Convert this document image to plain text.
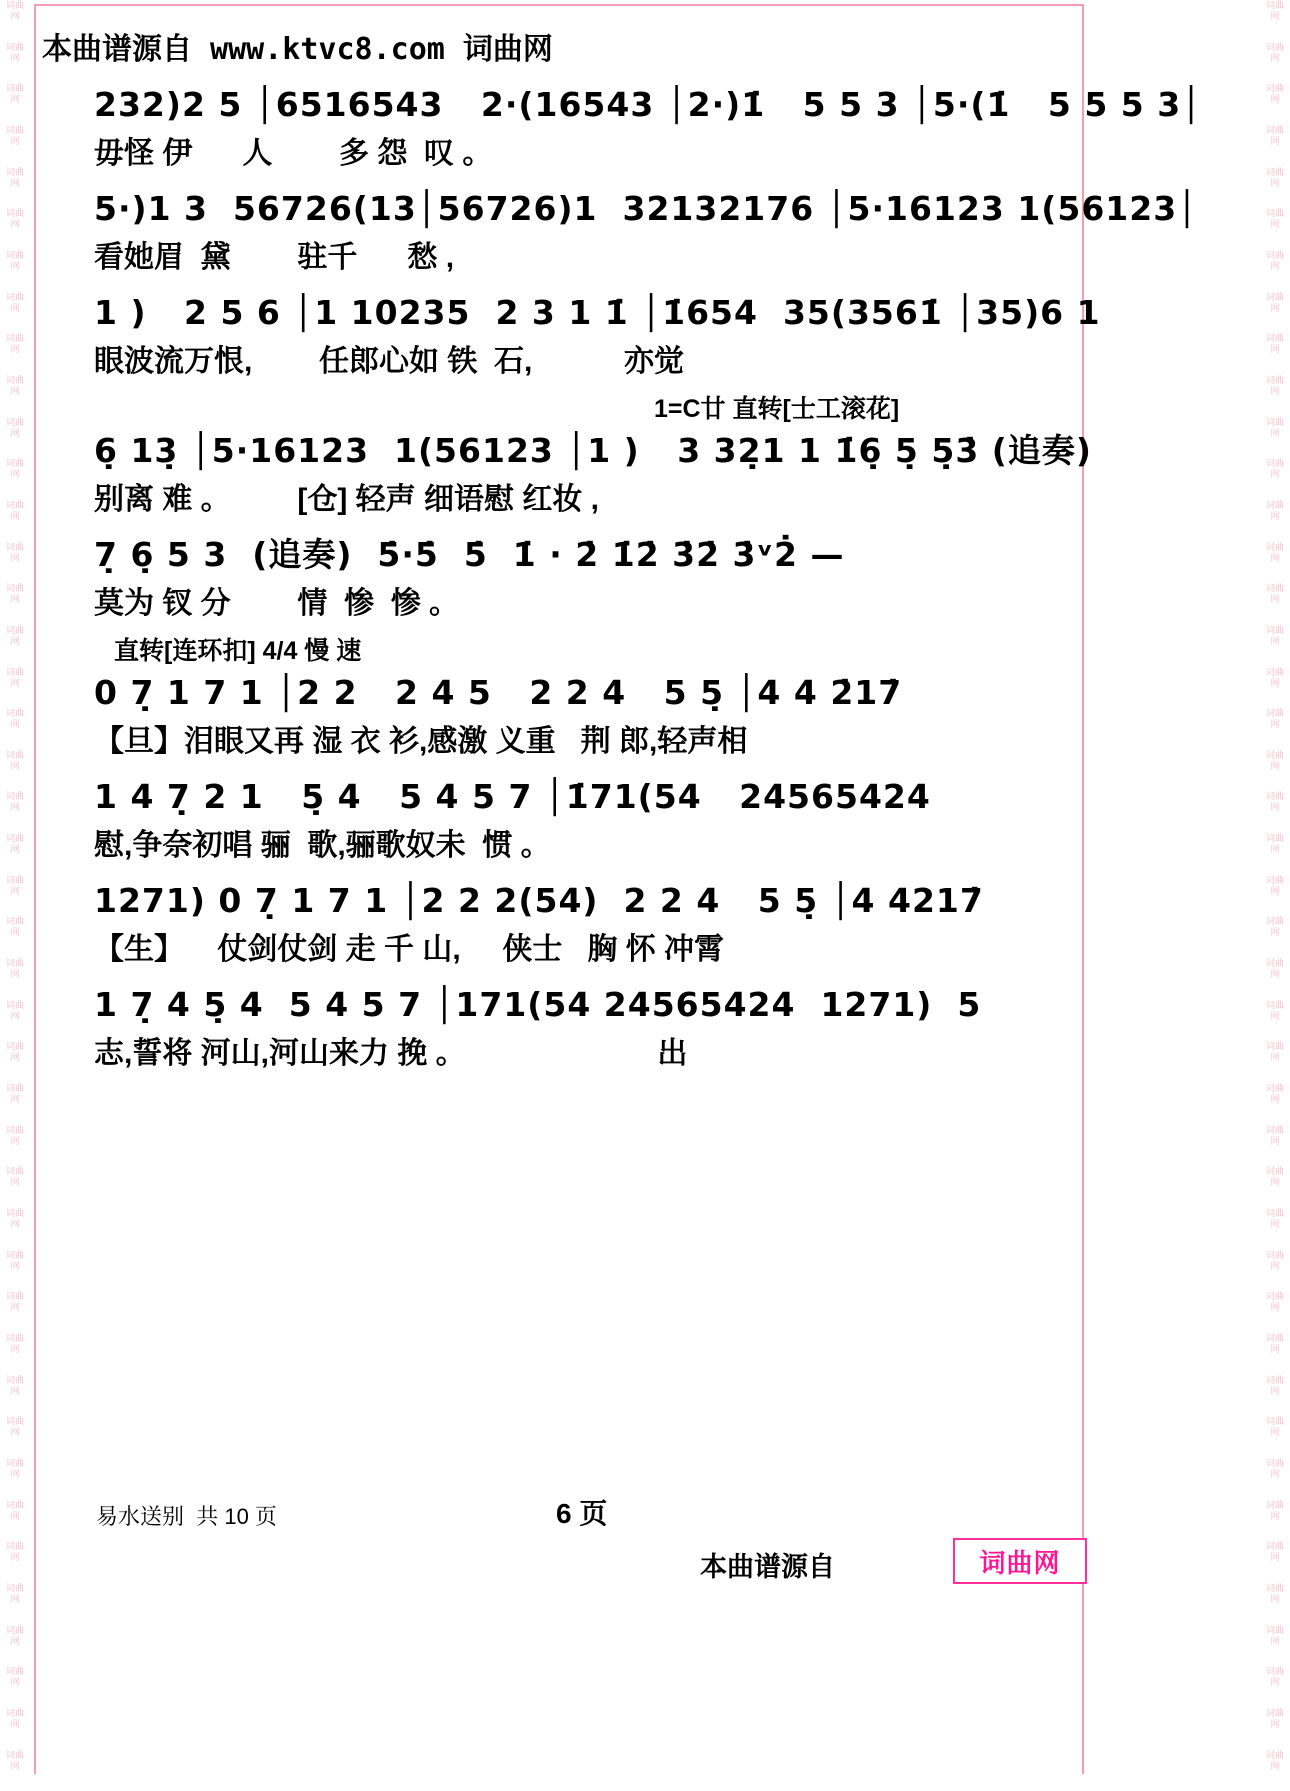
词曲网
词曲网
词曲网
词曲网
词曲网
词曲网
词曲网
词曲网
词曲网
词曲网
词曲网
词曲网
词曲网
词曲网
词曲网
词曲网
词曲网
词曲网
词曲网
词曲网
词曲网
词曲网
词曲网
词曲网
词曲网
词曲网
词曲网
词曲网
词曲网
词曲网
词曲网
词曲网
词曲网
词曲网
词曲网
词曲网
词曲网
词曲网
词曲网
词曲网
词曲网
词曲网
词曲网
词曲网
词曲网
词曲网
词曲网
词曲网
词曲网
词曲网
词曲网
词曲网
词曲网
词曲网
词曲网
词曲网
词曲网
词曲网
词曲网
词曲网
词曲网
词曲网
词曲网
词曲网
词曲网
词曲网
词曲网
词曲网
词曲网
词曲网
词曲网
词曲网
词曲网
词曲网
词曲网
词曲网
词曲网
词曲网
词曲网
词曲网
词曲网
词曲网
词曲网
词曲网
词曲网
词曲网
本曲谱源自 www.ktvc8.com 词曲网
232)2 5 │6516543   2·(16543 │2·)1̇   5 5 3 │5·(1̇   5 5 5 3│
毋怪 伊      人        多 怨  叹 。
5·)1 3  56726(13│56726)1  32132176 │5·16123 1(56123│
看她眉  黛        驻千      愁 ,
1 )   2 5 6 │1 10235  2 3 1 1̇ │1̇654  35(3561̇ │35)6 1
眼波流万恨,        任郎心如 铁  石,           亦觉
1=C廿 直转[士工滚花]
6̣ 13̣ │5·16123  1(56123 │1 )   3 32̣1 1 1̇6̣ 5̣ 5̣3̇ (追奏)
别离 难 。        [仓] 轻声 细语慰 红妆 ,
7̣ 6̣ 5 3  (追奏)  5̇·5̇  5̇  1̇ · 2̇ 1̇2̇ 3̇2̇ 3̇ᵛ2̇ —
莫为 钗 分        情  惨  惨 。
直转[连环扣] 4/4 慢 速
0 7̣ 1 7 1 │2 2   2 4 5   2 2 4   5 5̣ │4 4 2̇17̇
【旦】泪眼又再 湿 衣 衫,感激 义重   荆 郎,轻声相
1 4 7̣ 2 1   5̣ 4   5 4 5 7 │1̇71(54   24565424
慰,争奈初唱 骊  歌,骊歌奴未  惯 。
1271) 0 7̣ 1 7 1 │2 2 2(54)  2 2 4   5 5̣ │4 4217̇
【生】    仗剑仗剑 走 千 山,     侠士   胸 怀 冲霄
1 7̣ 4 5̣ 4  5 4 5 7 │171(54 24565424  1271)  5
志,誓将 河山,河山来力 挽 。                       出
易水送别  共 10 页	6 页
本曲谱源自	词曲网
